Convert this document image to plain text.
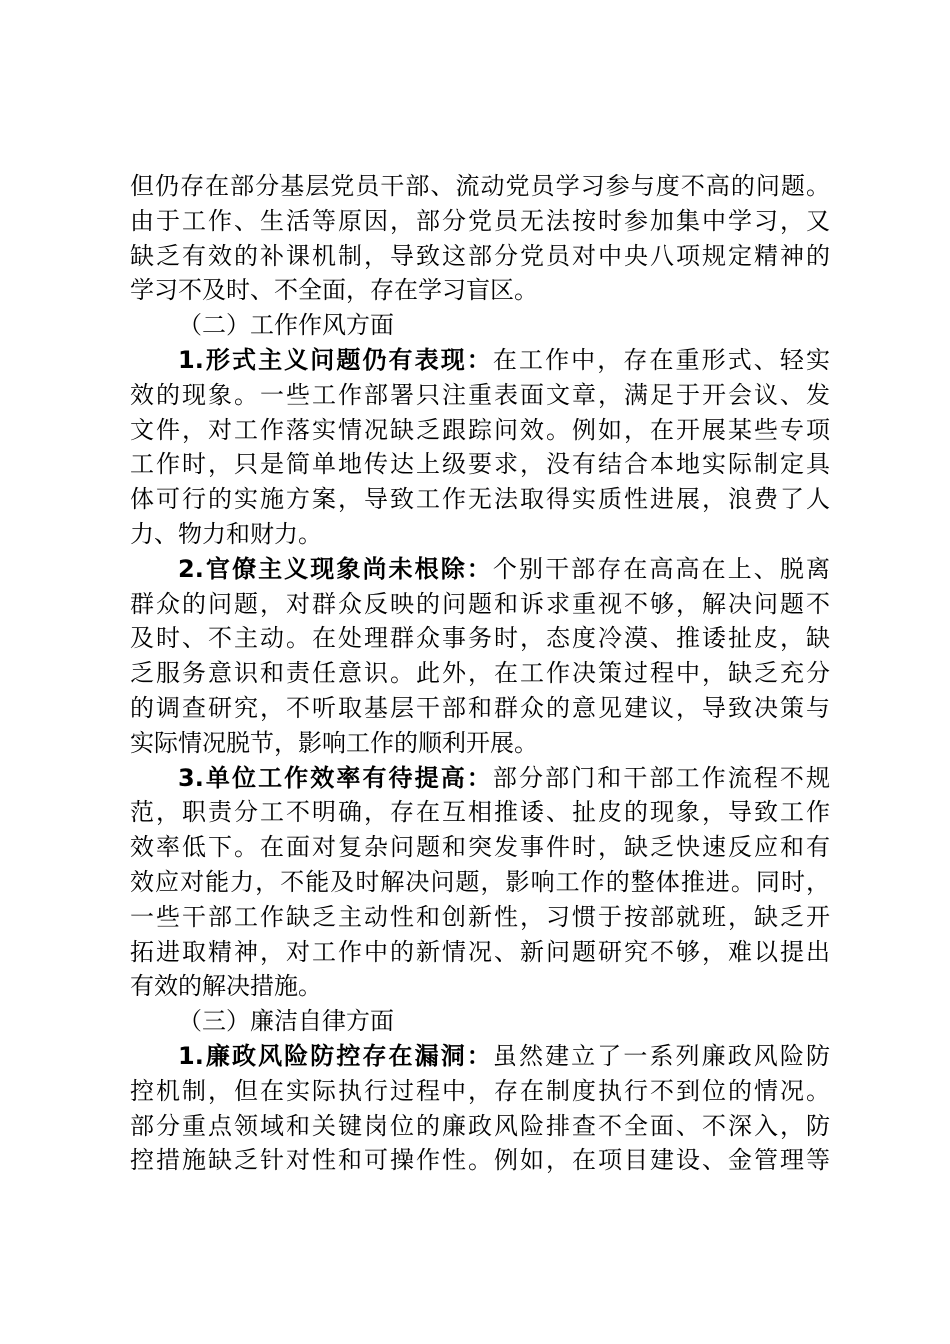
但仍存在部分基层党员干部、流动党员学习参与度不高的问题。
由于工作、生活等原因，部分党员无法按时参加集中学习，又
缺乏有效的补课机制，导致这部分党员对中央八项规定精神的
学习不及时、不全面，存在学习盲区。
（二）工作作风方面
1.形式主义问题仍有表现：在工作中，存在重形式、轻实
效的现象。一些工作部署只注重表面文章，满足于开会议、发
文件，对工作落实情况缺乏跟踪问效。例如，在开展某些专项
工作时，只是简单地传达上级要求，没有结合本地实际制定具
体可行的实施方案，导致工作无法取得实质性进展，浪费了人
力、物力和财力。
2.官僚主义现象尚未根除：个别干部存在高高在上、脱离
群众的问题，对群众反映的问题和诉求重视不够，解决问题不
及时、不主动。在处理群众事务时，态度冷漠、推诿扯皮，缺
乏服务意识和责任意识。此外，在工作决策过程中，缺乏充分
的调查研究，不听取基层干部和群众的意见建议，导致决策与
实际情况脱节，影响工作的顺利开展。
3.单位工作效率有待提高：部分部门和干部工作流程不规
范，职责分工不明确，存在互相推诿、扯皮的现象，导致工作
效率低下。在面对复杂问题和突发事件时，缺乏快速反应和有
效应对能力，不能及时解决问题，影响工作的整体推进。同时，
一些干部工作缺乏主动性和创新性，习惯于按部就班，缺乏开
拓进取精神，对工作中的新情况、新问题研究不够，难以提出
有效的解决措施。
（三）廉洁自律方面
1.廉政风险防控存在漏洞：虽然建立了一系列廉政风险防
控机制，但在实际执行过程中，存在制度执行不到位的情况。
部分重点领域和关键岗位的廉政风险排查不全面、不深入，防
控措施缺乏针对性和可操作性。例如，在项目建设、金管理等
